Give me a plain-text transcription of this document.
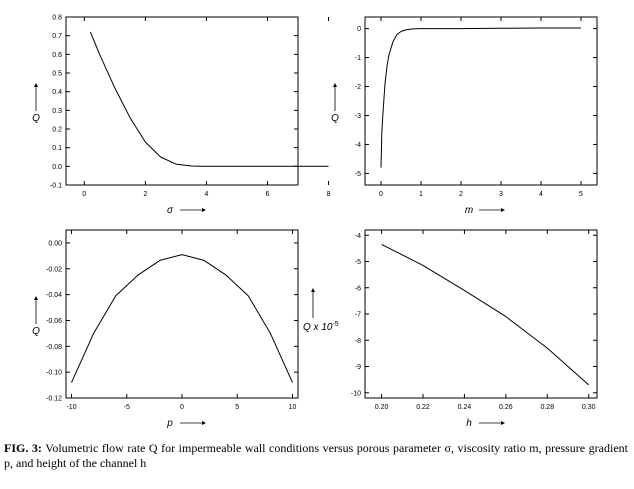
0	2	4	6	8
-0.1
0.0
0.1
0.2
0.3
0.4
0.5
0.6
0.7
0.8
σ
Q
0	1	2	3	4	5
0
-1
-2
-3
-4
-5
m
Q
-10	-5	0	5	10
0.00
-0.02
-0.04
-0.06
-0.08
-0.10
-0.12
p
Q
0.20	0.22	0.24	0.26	0.28	0.30
-4
-5
-6
-7
-8
-9
-10
h
Q x $10^{-5}$
FIG. 3: Volumetric flow rate Q for impermeable wall conditions versus porous parameter σ, viscosity ratio m, pressure gradient p, and height of the channel h
